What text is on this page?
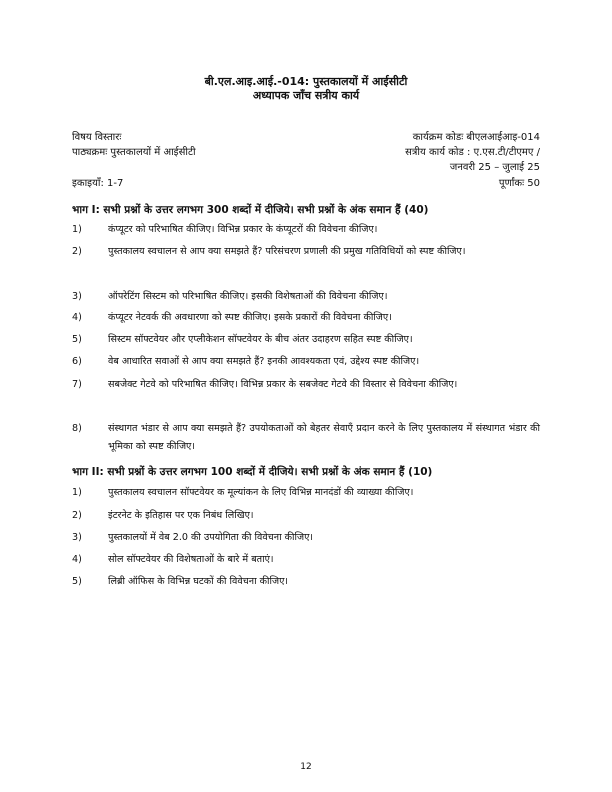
बी.एल.आइ.आई.-014: पुस्तकालयों में आईसीटी
अध्यापक जाँच सत्रीय कार्य
विषय विस्तारः
पाठ्यक्रमः पुस्तकालयों में आईसीटी
इकाइयाँ: 1-7
कार्यक्रम कोडः बीएलआईआइ-014
सत्रीय कार्य कोड : ए.एस.टी/टीएमए /
जनवरी 25 – जुलाई 25
पूर्णांकः 50
भाग I: सभी प्रश्नों के उत्तर लगभग 300 शब्दों में दीजिये। सभी प्रश्नों के अंक समान हैं (40)
1)	कंप्यूटर को परिभाषित कीजिए। विभिन्न प्रकार के कंप्यूटरों की विवेचना कीजिए।
2)	पुस्तकालय स्वचालन से आप क्या समझते हैं? परिसंचरण प्रणाली की प्रमुख गतिविधियों को स्पष्ट कीजिए।
3)	ऑपरेटिंग सिस्टम को परिभाषित कीजिए। इसकी विशेषताओं की विवेचना कीजिए।
4)	कंप्यूटर नेटवर्क की अवधारणा को स्पष्ट कीजिए। इसके प्रकारों की विवेचना कीजिए।
5)	सिस्टम सॉफ्टवेयर और एप्लीकेशन सॉफ्टवेयर के बीच अंतर उदाहरण सहित स्पष्ट कीजिए।
6)	वेब आधारित सवाओं से आप क्या समझते हैं? इनकी आवश्यकता एवं, उद्देश्य स्पष्ट कीजिए।
7)	सबजेक्ट गेटवे को परिभाषित कीजिए। विभिन्न प्रकार के सबजेक्ट गेटवे की विस्तार से विवेचना कीजिए।
8)	संस्थागत भंडार से आप क्या समझते हैं? उपयोकताओं को बेहतर सेवाएँ प्रदान करने के लिए पुस्तकालय में संस्थागत भंडार की भूमिका को स्पष्ट कीजिए।
भाग II: सभी प्रश्नों के उत्तर लगभग 100 शब्दों में दीजिये। सभी प्रश्नों के अंक समान हैं (10)
1)	पुस्तकालय स्वचालन सॉफ्टवेयर क मूल्यांकन के लिए विभिन्न मानदंडों की व्याख्या कीजिए।
2)	इंटरनेट के इतिहास पर एक निबंध लिखिए।
3)	पुस्तकालयों में वेब 2.0 की उपयोगिता की विवेचना कीजिए।
4)	सोल सॉफ्टवेयर की विशेषताओं के बारे में बताएं।
5)	लिब्री ऑफिस के विभिन्न घटकों की विवेचना कीजिए।
12
